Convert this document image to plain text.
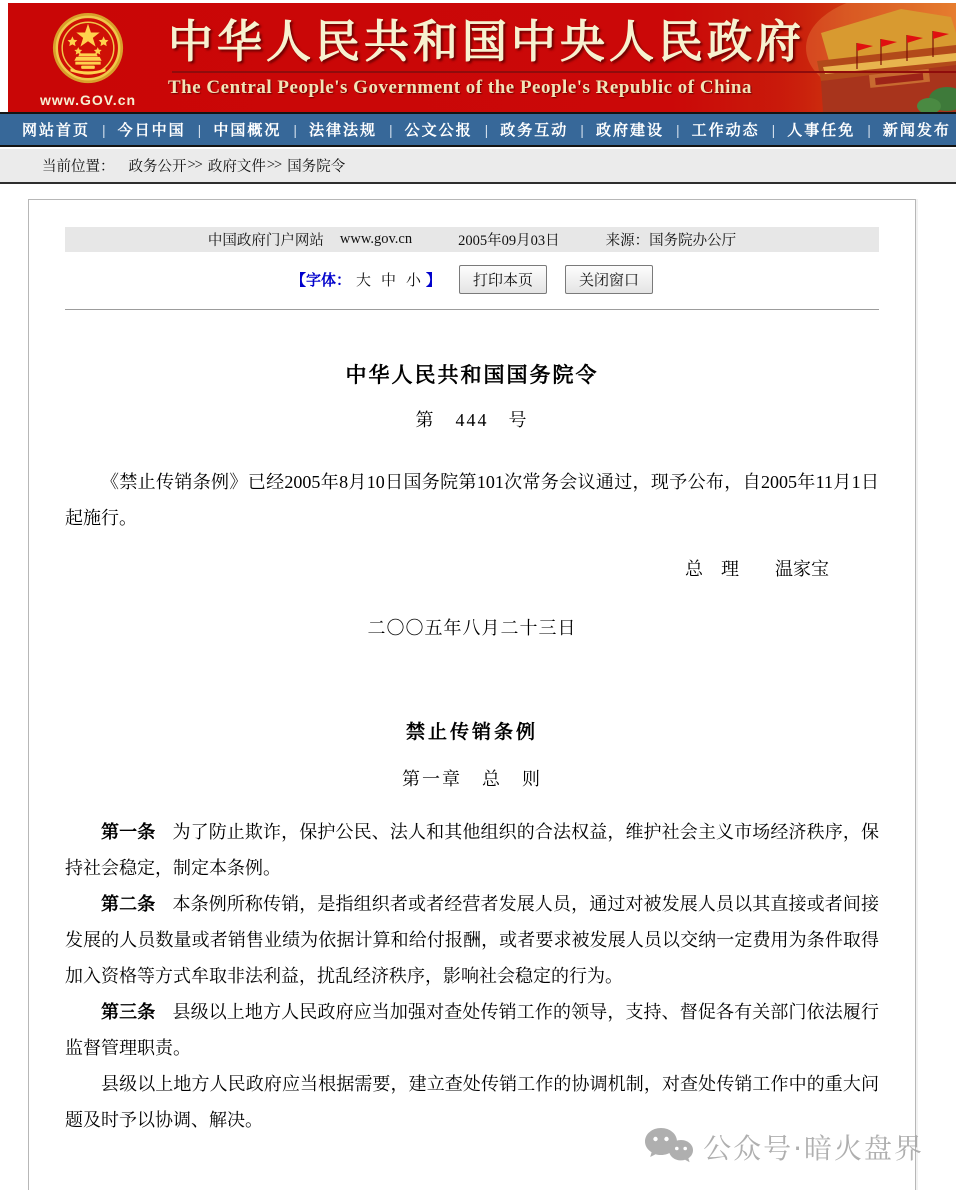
www.GOV.cn
中华人民共和国中央人民政府
The Central People's Government of the People's Republic of China
网站首页 | 今日中国 | 中国概况 | 法律法规 | 公文公报 | 政务互动 | 政府建设 | 工作动态 | 人事任免 | 新闻发布
当前位置： 政务公开 >> 政府文件 >> 国务院令
中国政府门户网站 www.gov.cn	2005年09月03日	来源：国务院办公厅
【字体： 大 中 小 】	打印本页	关闭窗口
中华人民共和国国务院令
第　444　号

《禁止传销条例》已经2005年8月10日国务院第101次常务会议通过，现予公布，自2005年11月1日起施行。

总　理　　温家宝
二〇〇五年八月二十三日
禁止传销条例
第一章　总　则

第一条 为了防止欺诈，保护公民、法人和其他组织的合法权益，维护社会主义市场经济秩序，保持社会稳定，制定本条例。

第二条 本条例所称传销，是指组织者或者经营者发展人员，通过对被发展人员以其直接或者间接发展的人员数量或者销售业绩为依据计算和给付报酬，或者要求被发展人员以交纳一定费用为条件取得加入资格等方式牟取非法利益，扰乱经济秩序，影响社会稳定的行为。

第三条 县级以上地方人民政府应当加强对查处传销工作的领导，支持、督促各有关部门依法履行监督管理职责。

县级以上地方人民政府应当根据需要，建立查处传销工作的协调机制，对查处传销工作中的重大问题及时予以协调、解决。

公众号·暗火盘界
